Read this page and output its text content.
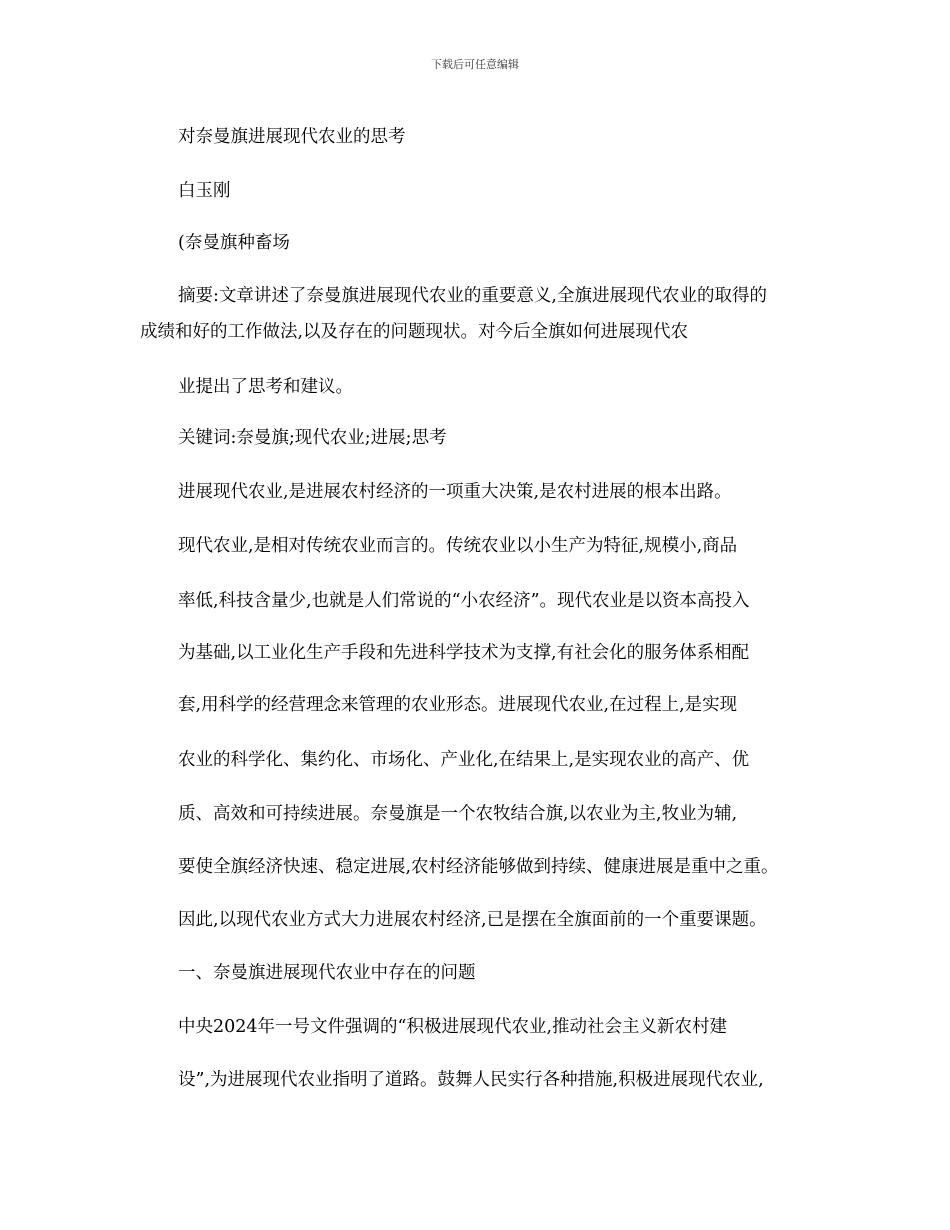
下载后可任意编辑
对奈曼旗进展现代农业的思考
白玉刚
(奈曼旗种畜场
摘要:文章讲述了奈曼旗进展现代农业的重要意义,全旗进展现代农业的取得的
成绩和好的工作做法,以及存在的问题现状。对今后全旗如何进展现代农
业提出了思考和建议。
关键词:奈曼旗;现代农业;进展;思考
进展现代农业,是进展农村经济的一项重大决策,是农村进展的根本出路。
现代农业,是相对传统农业而言的。传统农业以小生产为特征,规模小,商品
率低,科技含量少,也就是人们常说的“小农经济”。现代农业是以资本高投入
为基础,以工业化生产手段和先进科学技术为支撑,有社会化的服务体系相配
套,用科学的经营理念来管理的农业形态。进展现代农业,在过程上,是实现
农业的科学化、集约化、市场化、产业化,在结果上,是实现农业的高产、优
质、高效和可持续进展。奈曼旗是一个农牧结合旗,以农业为主,牧业为辅,
要使全旗经济快速、稳定进展,农村经济能够做到持续、健康进展是重中之重。
因此,以现代农业方式大力进展农村经济,已是摆在全旗面前的一个重要课题。
一、奈曼旗进展现代农业中存在的问题
中央2024年一号文件强调的“积极进展现代农业,推动社会主义新农村建
设”,为进展现代农业指明了道路。鼓舞人民实行各种措施,积极进展现代农业,
